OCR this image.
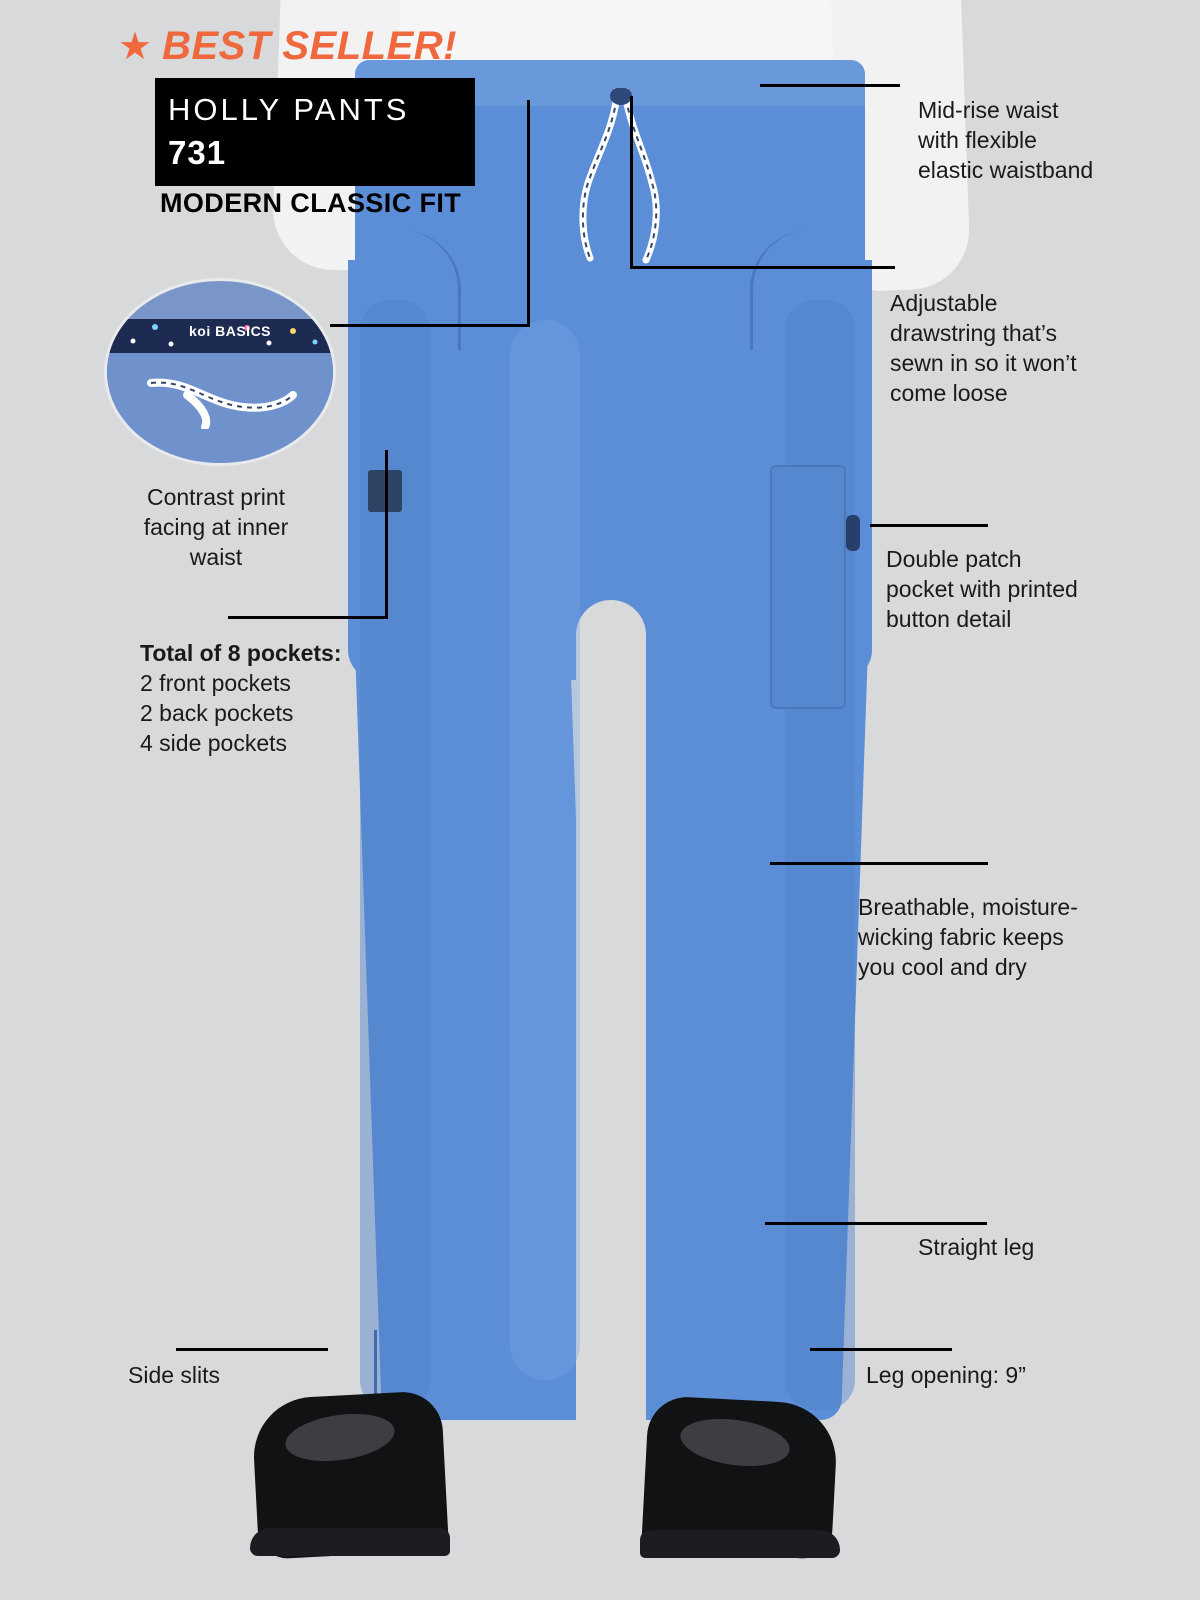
★ BEST SELLER!
HOLLY PANTS
731
MODERN CLASSIC FIT
koi BASICS
Contrast print
facing at inner
waist
Mid-rise waist
with flexible
elastic waistband
Adjustable
drawstring that’s
sewn in so it won’t
come loose
Double patch
pocket with printed
button detail
Breathable, moisture-
wicking fabric keeps
you cool and dry
Straight leg
Leg opening: 9”
Side slits
Total of 8 pockets:
2 front pockets
2 back pockets
4 side pockets
